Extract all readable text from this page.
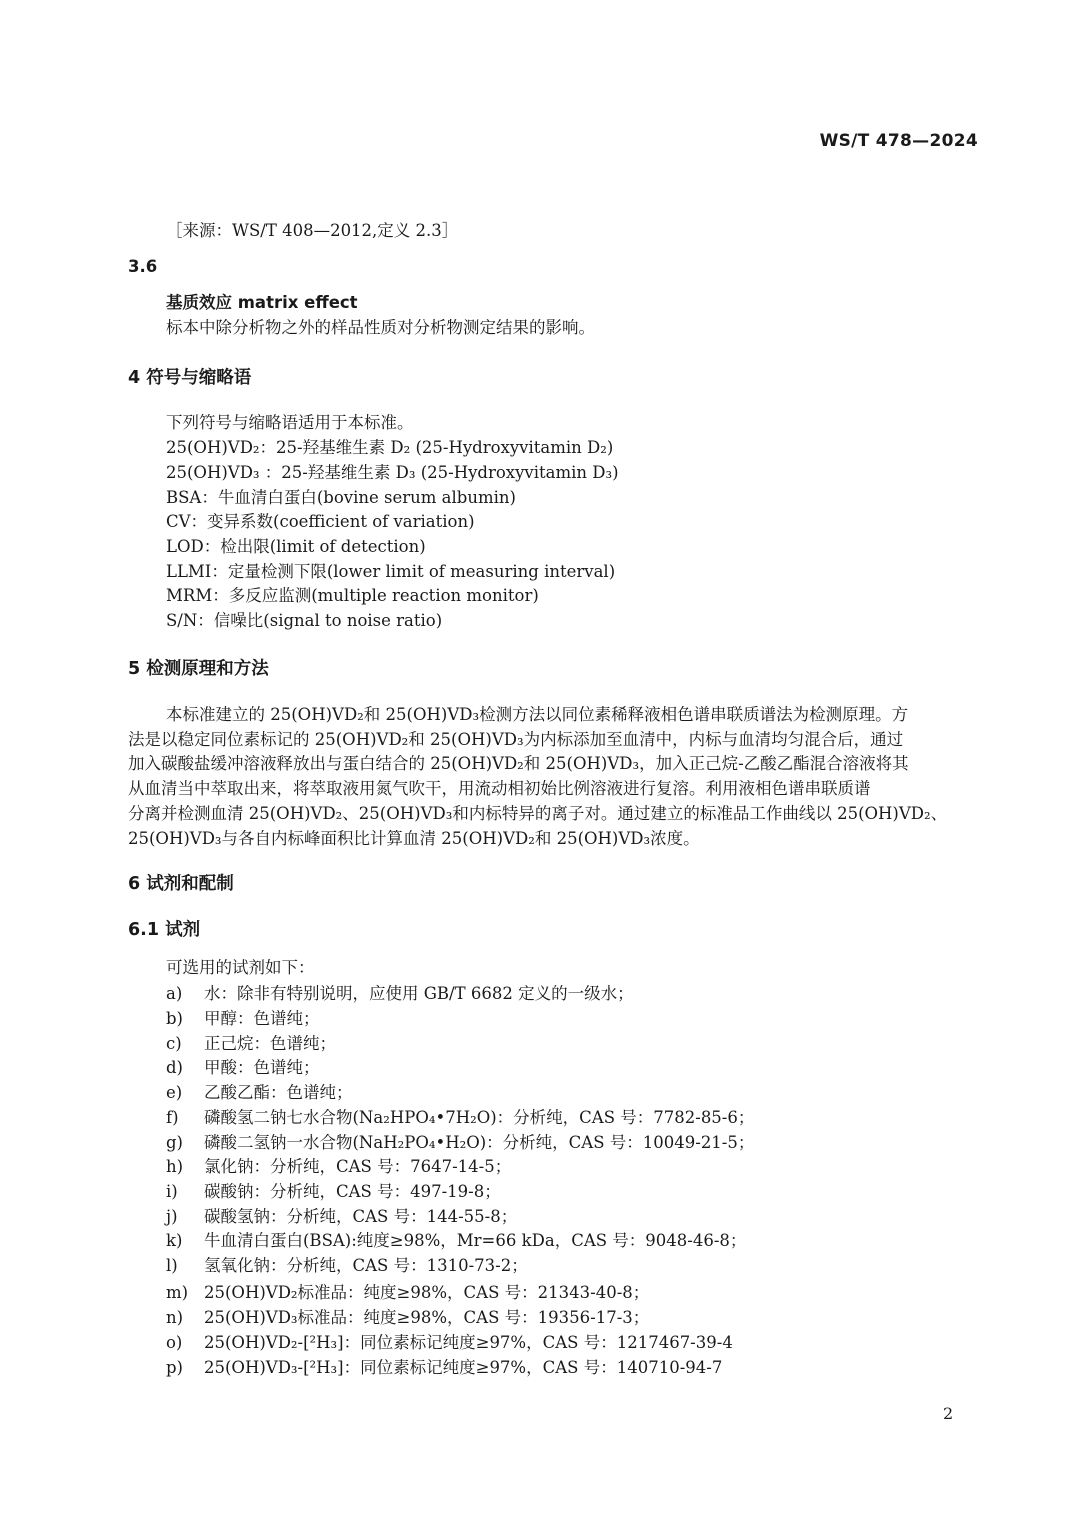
WS/T 478—2024
［来源：WS/T 408—2012,定义 2.3］
3.6
基质效应 matrix effect
标本中除分析物之外的样品性质对分析物测定结果的影响。
4 符号与缩略语
下列符号与缩略语适用于本标准。
25(OH)VD₂：25-羟基维生素 D₂ (25-Hydroxyvitamin D₂)
25(OH)VD₃ ：25-羟基维生素 D₃ (25-Hydroxyvitamin D₃)
BSA：牛血清白蛋白(bovine serum albumin)
CV：变异系数(coefficient of variation)
LOD：检出限(limit of detection)
LLMI：定量检测下限(lower limit of measuring interval)
MRM：多反应监测(multiple reaction monitor)
S/N：信噪比(signal to noise ratio)
5 检测原理和方法
本标准建立的 25(OH)VD₂和 25(OH)VD₃检测方法以同位素稀释液相色谱串联质谱法为检测原理。方
法是以稳定同位素标记的 25(OH)VD₂和 25(OH)VD₃为内标添加至血清中，内标与血清均匀混合后，通过
加入碳酸盐缓冲溶液释放出与蛋白结合的 25(OH)VD₂和 25(OH)VD₃，加入正己烷-乙酸乙酯混合溶液将其
从血清当中萃取出来，将萃取液用氮气吹干，用流动相初始比例溶液进行复溶。利用液相色谱串联质谱
分离并检测血清 25(OH)VD₂、25(OH)VD₃和内标特异的离子对。通过建立的标准品工作曲线以 25(OH)VD₂、
25(OH)VD₃与各自内标峰面积比计算血清 25(OH)VD₂和 25(OH)VD₃浓度。
6 试剂和配制
6.1 试剂
可选用的试剂如下：
a) 水：除非有特别说明，应使用 GB/T 6682 定义的一级水；
b) 甲醇：色谱纯；
c) 正己烷：色谱纯；
d) 甲酸：色谱纯；
e) 乙酸乙酯：色谱纯；
f) 磷酸氢二钠七水合物(Na₂HPO₄•7H₂O)：分析纯，CAS 号：7782-85-6；
g) 磷酸二氢钠一水合物(NaH₂PO₄•H₂O)：分析纯，CAS 号：10049-21-5；
h) 氯化钠：分析纯，CAS 号：7647-14-5；
i) 碳酸钠：分析纯，CAS 号：497-19-8；
j) 碳酸氢钠：分析纯，CAS 号：144-55-8；
k) 牛血清白蛋白(BSA):纯度≥98%，Mr=66 kDa，CAS 号：9048-46-8；
l) 氢氧化钠：分析纯，CAS 号：1310-73-2；
m) 25(OH)VD₂标准品：纯度≥98%，CAS 号：21343-40-8；
n) 25(OH)VD₃标准品：纯度≥98%，CAS 号：19356-17-3；
o) 25(OH)VD₂-[²H₃]：同位素标记纯度≥97%，CAS 号：1217467-39-4
p) 25(OH)VD₃-[²H₃]：同位素标记纯度≥97%，CAS 号：140710-94-7
2
